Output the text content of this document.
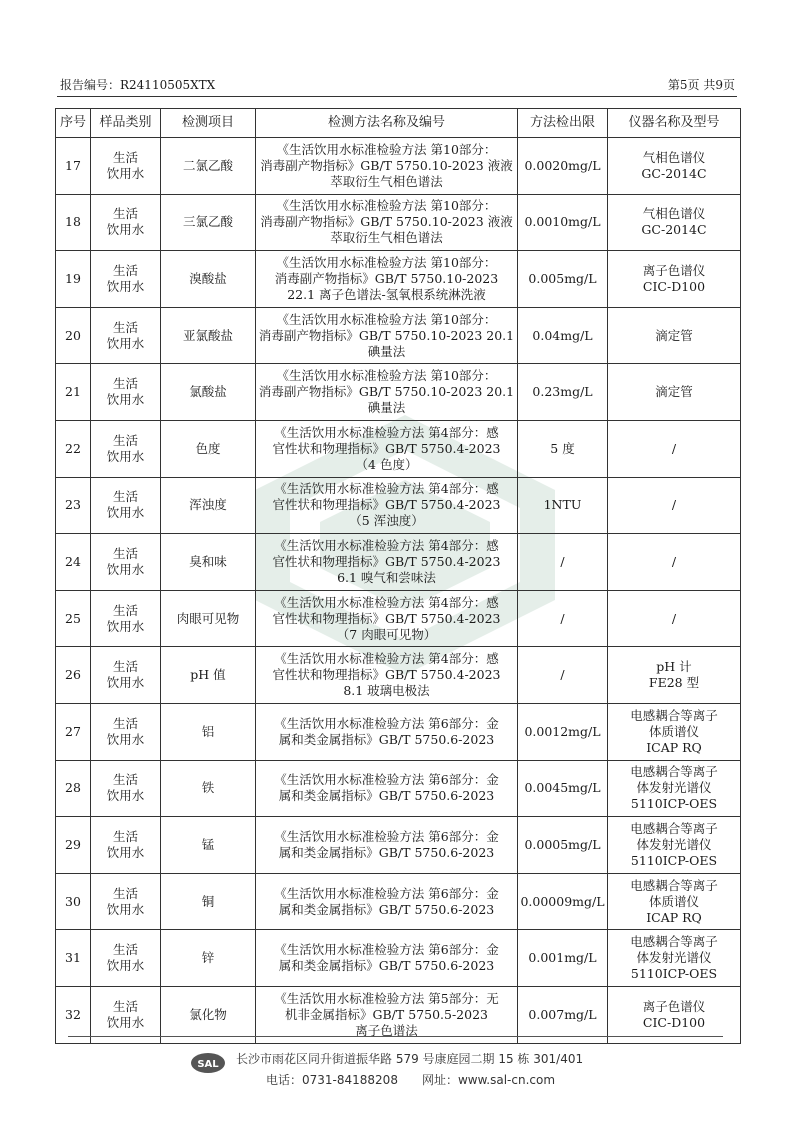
报告编号：R24110505XTX	第5页 共9页
序号	样品类别	检测项目	检测方法名称及编号	方法检出限	仪器名称及型号
17	生活
饮用水	二氯乙酸	《生活饮用水标准检验方法 第10部分：
消毒副产物指标》GB/T 5750.10-2023 液液
萃取衍生气相色谱法	0.0020mg/L	气相色谱仪
GC-2014C

18	生活
饮用水	三氯乙酸	《生活饮用水标准检验方法 第10部分：
消毒副产物指标》GB/T 5750.10-2023 液液
萃取衍生气相色谱法	0.0010mg/L	气相色谱仪
GC-2014C

19	生活
饮用水	溴酸盐	《生活饮用水标准检验方法 第10部分：
消毒副产物指标》GB/T 5750.10-2023
22.1 离子色谱法-氢氧根系统淋洗液	0.005mg/L	离子色谱仪
CIC-D100

20	生活
饮用水	亚氯酸盐	《生活饮用水标准检验方法 第10部分：
消毒副产物指标》GB/T 5750.10-2023 20.1
碘量法	0.04mg/L	滴定管

21	生活
饮用水	氯酸盐	《生活饮用水标准检验方法 第10部分：
消毒副产物指标》GB/T 5750.10-2023 20.1
碘量法	0.23mg/L	滴定管

22	生活
饮用水	色度	《生活饮用水标准检验方法 第4部分：感
官性状和物理指标》GB/T 5750.4-2023
（4 色度）	5 度	/

23	生活
饮用水	浑浊度	《生活饮用水标准检验方法 第4部分：感
官性状和物理指标》GB/T 5750.4-2023
（5 浑浊度）	1NTU	/

24	生活
饮用水	臭和味	《生活饮用水标准检验方法 第4部分：感
官性状和物理指标》GB/T 5750.4-2023
6.1 嗅气和尝味法	/	/

25	生活
饮用水	肉眼可见物	《生活饮用水标准检验方法 第4部分：感
官性状和物理指标》GB/T 5750.4-2023
（7 肉眼可见物）	/	/

26	生活
饮用水	pH 值	《生活饮用水标准检验方法 第4部分：感
官性状和物理指标》GB/T 5750.4-2023
8.1 玻璃电极法	/	pH 计
FE28 型

27	生活
饮用水	铝	《生活饮用水标准检验方法 第6部分：金
属和类金属指标》GB/T 5750.6-2023	0.0012mg/L	电感耦合等离子
体质谱仪
ICAP RQ

28	生活
饮用水	铁	《生活饮用水标准检验方法 第6部分：金
属和类金属指标》GB/T 5750.6-2023	0.0045mg/L	电感耦合等离子
体发射光谱仪
5110ICP-OES

29	生活
饮用水	锰	《生活饮用水标准检验方法 第6部分：金
属和类金属指标》GB/T 5750.6-2023	0.0005mg/L	电感耦合等离子
体发射光谱仪
5110ICP-OES

30	生活
饮用水	铜	《生活饮用水标准检验方法 第6部分：金
属和类金属指标》GB/T 5750.6-2023	0.00009mg/L	电感耦合等离子
体质谱仪
ICAP RQ

31	生活
饮用水	锌	《生活饮用水标准检验方法 第6部分：金
属和类金属指标》GB/T 5750.6-2023	0.001mg/L	电感耦合等离子
体发射光谱仪
5110ICP-OES

32	生活
饮用水	氯化物	《生活饮用水标准检验方法 第5部分：无
机非金属指标》GB/T 5750.5-2023
离子色谱法	0.007mg/L	离子色谱仪
CIC-D100
SAL 长沙市雨花区同升街道振华路 579 号康庭园二期 15 栋 301/401
电话：0731-84188208 网址：www.sal-cn.com
